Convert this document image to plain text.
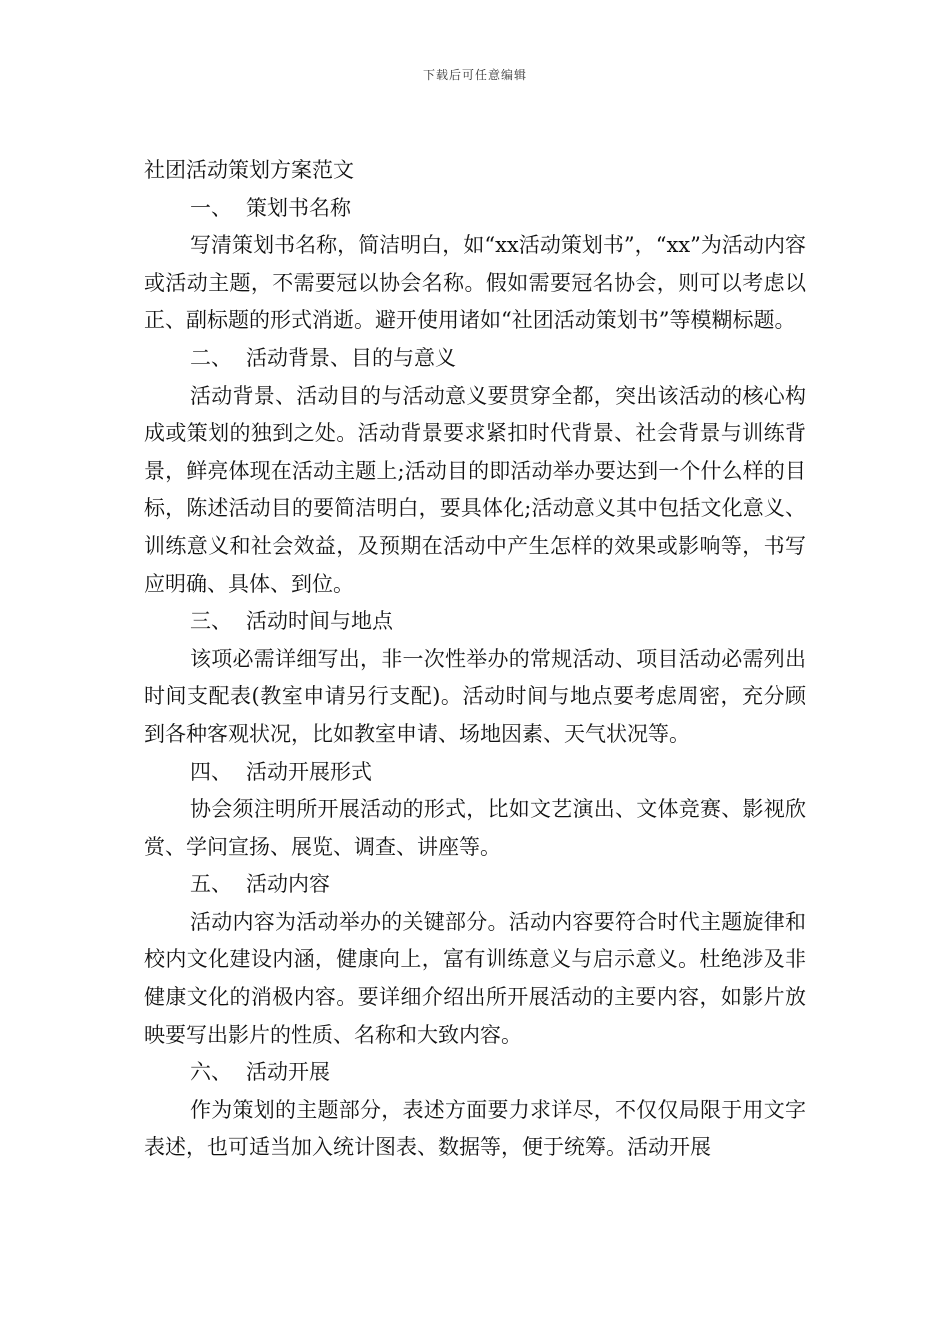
下载后可任意编辑
社团活动策划方案范文
一、 策划书名称

写清策划书名称，简洁明白，如“xx活动策划书”，“xx”为活动内容或活动主题，不需要冠以协会名称。假如需要冠名协会，则可以考虑以正、副标题的形式消逝。避开使用诸如“社团活动策划书”等模糊标题。

二、 活动背景、目的与意义

活动背景、活动目的与活动意义要贯穿全都，突出该活动的核心构成或策划的独到之处。活动背景要求紧扣时代背景、社会背景与训练背景，鲜亮体现在活动主题上;活动目的即活动举办要达到一个什么样的目标，陈述活动目的要简洁明白，要具体化;活动意义其中包括文化意义、训练意义和社会效益，及预期在活动中产生怎样的效果或影响等，书写应明确、具体、到位。

三、 活动时间与地点

该项必需详细写出，非一次性举办的常规活动、项目活动必需列出时间支配表(教室申请另行支配)。活动时间与地点要考虑周密，充分顾到各种客观状况，比如教室申请、场地因素、天气状况等。

四、 活动开展形式

协会须注明所开展活动的形式，比如文艺演出、文体竞赛、影视欣赏、学问宣扬、展览、调查、讲座等。

五、 活动内容

活动内容为活动举办的关键部分。活动内容要符合时代主题旋律和校内文化建设内涵，健康向上，富有训练意义与启示意义。杜绝涉及非健康文化的消极内容。要详细介绍出所开展活动的主要内容，如影片放映要写出影片的性质、名称和大致内容。

六、 活动开展

作为策划的主题部分，表述方面要力求详尽，不仅仅局限于用文字表述，也可适当加入统计图表、数据等，便于统筹。活动开展
